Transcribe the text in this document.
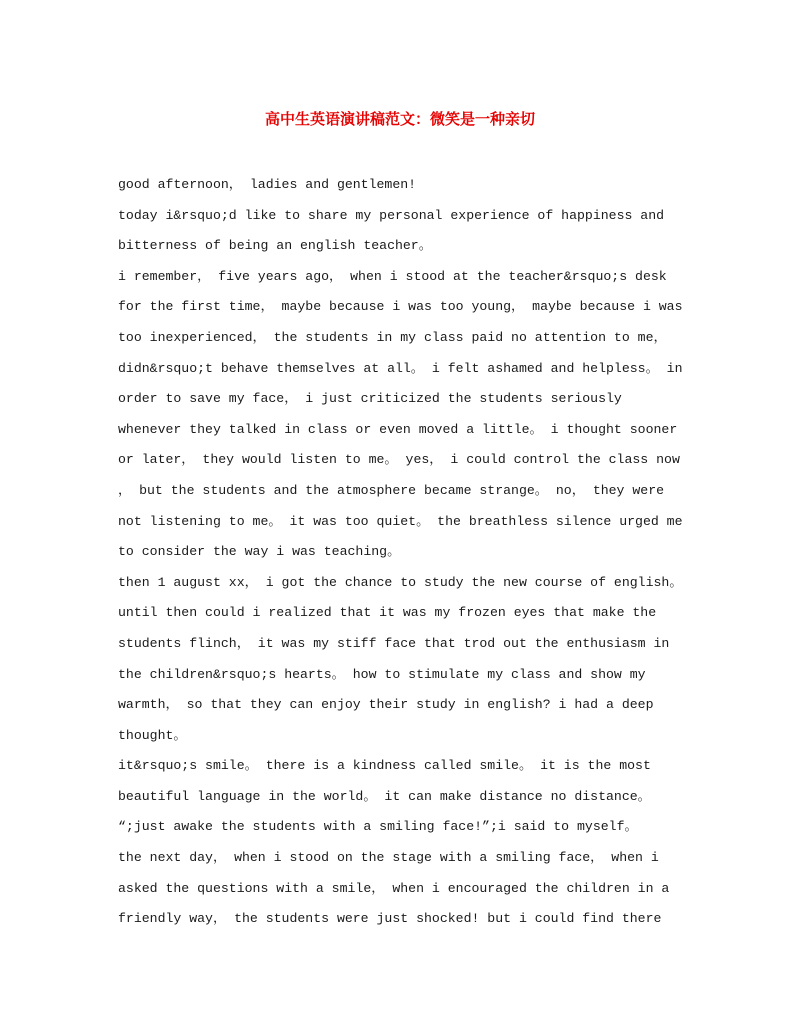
高中生英语演讲稿范文：微笑是一种亲切
good afternoon， ladies and gentlemen!
today i&rsquo;d like to share my personal experience of happiness and
bitterness of being an english teacher。
i remember， five years ago， when i stood at the teacher&rsquo;s desk
for the first time， maybe because i was too young， maybe because i was
too inexperienced， the students in my class paid no attention to me，
didn&rsquo;t behave themselves at all。 i felt ashamed and helpless。 in
order to save my face， i just criticized the students seriously
whenever they talked in class or even moved a little。 i thought sooner
or later， they would listen to me。 yes， i could control the class now
， but the students and the atmosphere became strange。 no， they were
not listening to me。 it was too quiet。 the breathless silence urged me
to consider the way i was teaching。
then 1 august xx， i got the chance to study the new course of english。
until then could i realized that it was my frozen eyes that make the
students flinch， it was my stiff face that trod out the enthusiasm in
the children&rsquo;s hearts。 how to stimulate my class and show my
warmth， so that they can enjoy their study in english? i had a deep
thought。
it&rsquo;s smile。 there is a kindness called smile。 it is the most
beautiful language in the world。 it can make distance no distance。
“;just awake the students with a smiling face!”;i said to myself。
the next day， when i stood on the stage with a smiling face， when i
asked the questions with a smile， when i encouraged the children in a
friendly way， the students were just shocked! but i could find there
